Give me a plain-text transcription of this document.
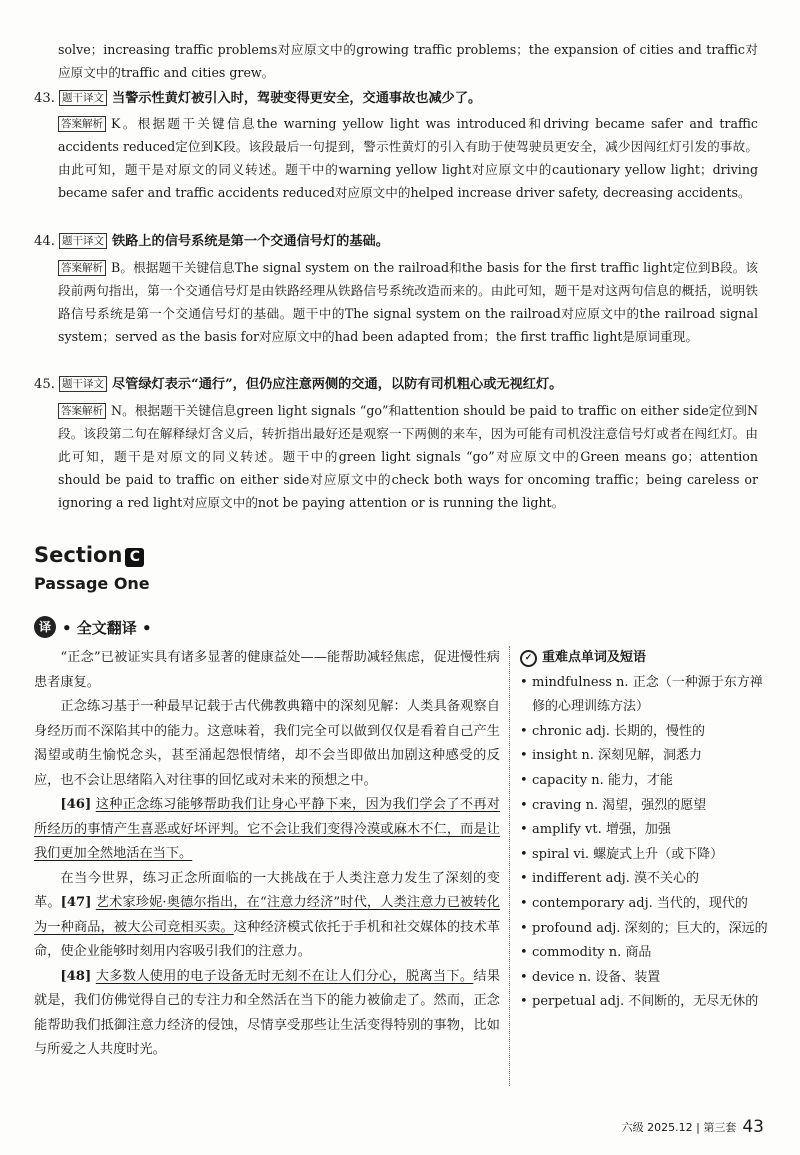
solve；increasing traffic problems对应原文中的growing traffic problems；the expansion of cities and traffic对应原文中的traffic and cities grew。
43. 题干译文 当警示性黄灯被引入时，驾驶变得更安全，交通事故也减少了。
答案解析 K。根据题干关键信息the warning yellow light was introduced和driving became safer and traffic accidents reduced定位到K段。该段最后一句提到，警示性黄灯的引入有助于使驾驶员更安全，减少因闯红灯引发的事故。由此可知，题干是对原文的同义转述。题干中的warning yellow light对应原文中的cautionary yellow light；driving became safer and traffic accidents reduced对应原文中的helped increase driver safety, decreasing accidents。
44. 题干译文 铁路上的信号系统是第一个交通信号灯的基础。
答案解析 B。根据题干关键信息The signal system on the railroad和the basis for the first traffic light定位到B段。该段前两句指出，第一个交通信号灯是由铁路经理从铁路信号系统改造而来的。由此可知，题干是对这两句信息的概括，说明铁路信号系统是第一个交通信号灯的基础。题干中的The signal system on the railroad对应原文中的the railroad signal system；served as the basis for对应原文中的had been adapted from；the first traffic light是原词重现。
45. 题干译文 尽管绿灯表示“通行”，但仍应注意两侧的交通，以防有司机粗心或无视红灯。
答案解析 N。根据题干关键信息green light signals “go”和attention should be paid to traffic on either side定位到N段。该段第二句在解释绿灯含义后，转折指出最好还是观察一下两侧的来车，因为可能有司机没注意信号灯或者在闯红灯。由此可知，题干是对原文的同义转述。题干中的green light signals “go”对应原文中的Green means go；attention should be paid to traffic on either side对应原文中的check both ways for oncoming traffic；being careless or ignoring a red light对应原文中的not be paying attention or is running the light。
Section C
Passage One
译 • 全文翻译 •

“正念”已被证实具有诸多显著的健康益处——能帮助减轻焦虑，促进慢性病患者康复。

正念练习基于一种最早记载于古代佛教典籍中的深刻见解：人类具备观察自身经历而不深陷其中的能力。这意味着，我们完全可以做到仅仅是看着自己产生渴望或萌生愉悦念头，甚至涌起怨恨情绪，却不会当即做出加剧这种感受的反应，也不会让思绪陷入对往事的回忆或对未来的预想之中。

[46] 这种正念练习能够帮助我们让身心平静下来，因为我们学会了不再对所经历的事情产生喜恶或好坏评判。它不会让我们变得冷漠或麻木不仁，而是让我们更加全然地活在当下。

在当今世界，练习正念所面临的一大挑战在于人类注意力发生了深刻的变革。[47] 艺术家珍妮·奥德尔指出，在“注意力经济”时代，人类注意力已被转化为一种商品，被大公司竞相买卖。这种经济模式依托于手机和社交媒体的技术革命，使企业能够时刻用内容吸引我们的注意力。

[48] 大多数人使用的电子设备无时无刻不在让人们分心，脱离当下。结果就是，我们仿佛觉得自己的专注力和全然活在当下的能力被偷走了。然而，正念能帮助我们抵御注意力经济的侵蚀，尽情享受那些让生活变得特别的事物，比如与所爱之人共度时光。

✓ 重难点单词及短语
• mindfulness n. 正念（一种源于东方禅修的心理训练方法）
• chronic adj. 长期的，慢性的
• insight n. 深刻见解，洞悉力
• capacity n. 能力，才能
• craving n. 渴望，强烈的愿望
• amplify vt. 增强，加强
• spiral vi. 螺旋式上升（或下降）
• indifferent adj. 漠不关心的
• contemporary adj. 当代的，现代的
• profound adj. 深刻的；巨大的，深远的
• commodity n. 商品
• device n. 设备、装置
• perpetual adj. 不间断的，无尽无休的
六级 2025.12 | 第三套 43
